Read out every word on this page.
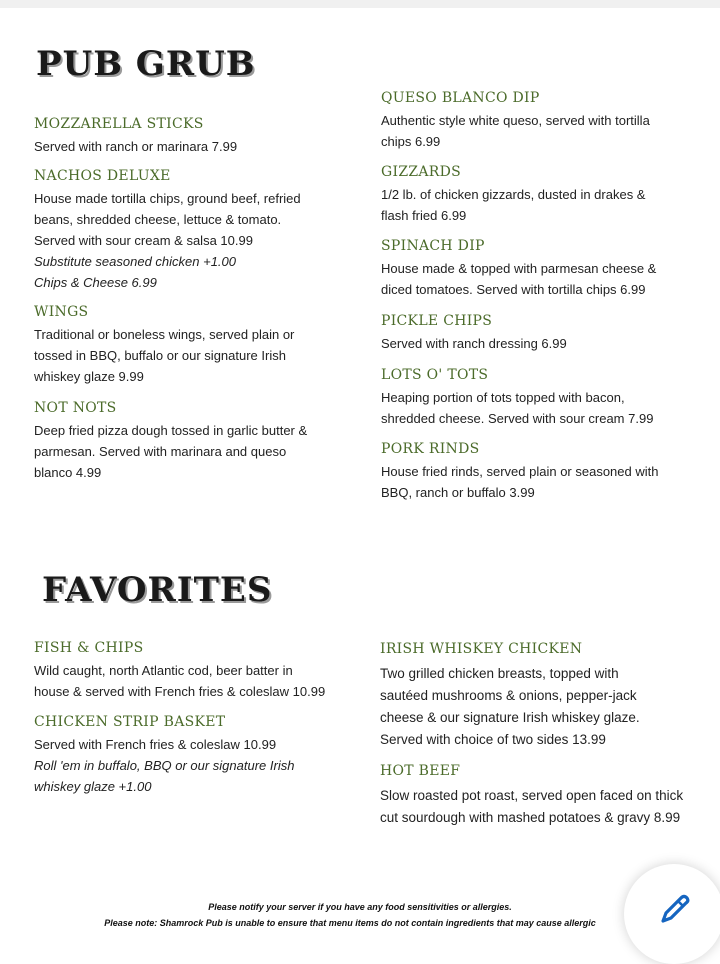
PUB GRUB
MOZZARELLA STICKS
Served with ranch or marinara 7.99
NACHOS DELUXE
House made tortilla chips, ground beef, refried
beans, shredded cheese, lettuce & tomato.
Served with sour cream & salsa 10.99
Substitute seasoned chicken +1.00
Chips & Cheese 6.99
WINGS
Traditional or boneless wings, served plain or
tossed in BBQ, buffalo or our signature Irish
whiskey glaze 9.99
NOT NOTS
Deep fried pizza dough tossed in garlic butter &
parmesan. Served with marinara and queso
blanco 4.99
QUESO BLANCO DIP
Authentic style white queso, served with tortilla
chips 6.99
GIZZARDS
1/2 lb. of chicken gizzards, dusted in drakes &
flash fried 6.99
SPINACH DIP
House made & topped with parmesan cheese &
diced tomatoes. Served with tortilla chips 6.99
PICKLE CHIPS
Served with ranch dressing 6.99
LOTS O' TOTS
Heaping portion of tots topped with bacon,
shredded cheese. Served with sour cream 7.99
PORK RINDS
House fried rinds, served plain or seasoned with
BBQ, ranch or buffalo 3.99
FAVORITES
FISH & CHIPS
Wild caught, north Atlantic cod, beer batter in
house & served with French fries & coleslaw 10.99
CHICKEN STRIP BASKET
Served with French fries & coleslaw 10.99
Roll 'em in buffalo, BBQ or our signature Irish
whiskey glaze +1.00
IRISH WHISKEY CHICKEN
Two grilled chicken breasts, topped with
sautéed mushrooms & onions, pepper-jack
cheese & our signature Irish whiskey glaze.
Served with choice of two sides 13.99
HOT BEEF
Slow roasted pot roast, served open faced on thick
cut sourdough with mashed potatoes & gravy 8.99
Please notify your server if you have any food sensitivities or allergies.
Please note: Shamrock Pub is unable to ensure that menu items do not contain ingredients that may cause allergic
